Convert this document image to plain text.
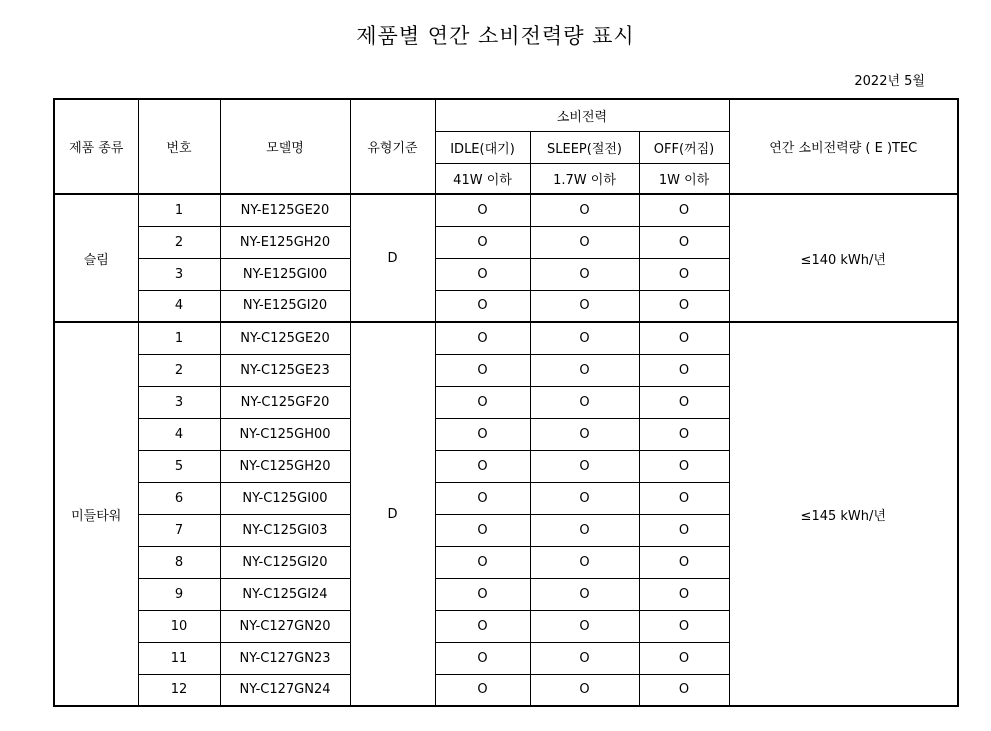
제품별 연간 소비전력량 표시
2022년 5월
제품 종류	번호	모델명	유형기준	소비전력			연간 소비전력량 ( E )TEC
				IDLE(대기)	SLEEP(절전)	OFF(꺼짐)	
				41W 이하	1.7W 이하	1W 이하	
슬림	1	NY-E125GE20	D	O	O	O	≤140 kWh/년
	2	NY-E125GH20		O	O	O	
	3	NY-E125GI00		O	O	O	
	4	NY-E125GI20		O	O	O	
미들타워	1	NY-C125GE20	D	O	O	O	≤145 kWh/년
	2	NY-C125GE23		O	O	O	
	3	NY-C125GF20		O	O	O	
	4	NY-C125GH00		O	O	O	
	5	NY-C125GH20		O	O	O	
	6	NY-C125GI00		O	O	O	
	7	NY-C125GI03		O	O	O	
	8	NY-C125GI20		O	O	O	
	9	NY-C125GI24		O	O	O	
	10	NY-C127GN20		O	O	O	
	11	NY-C127GN23		O	O	O	
	12	NY-C127GN24		O	O	O	
